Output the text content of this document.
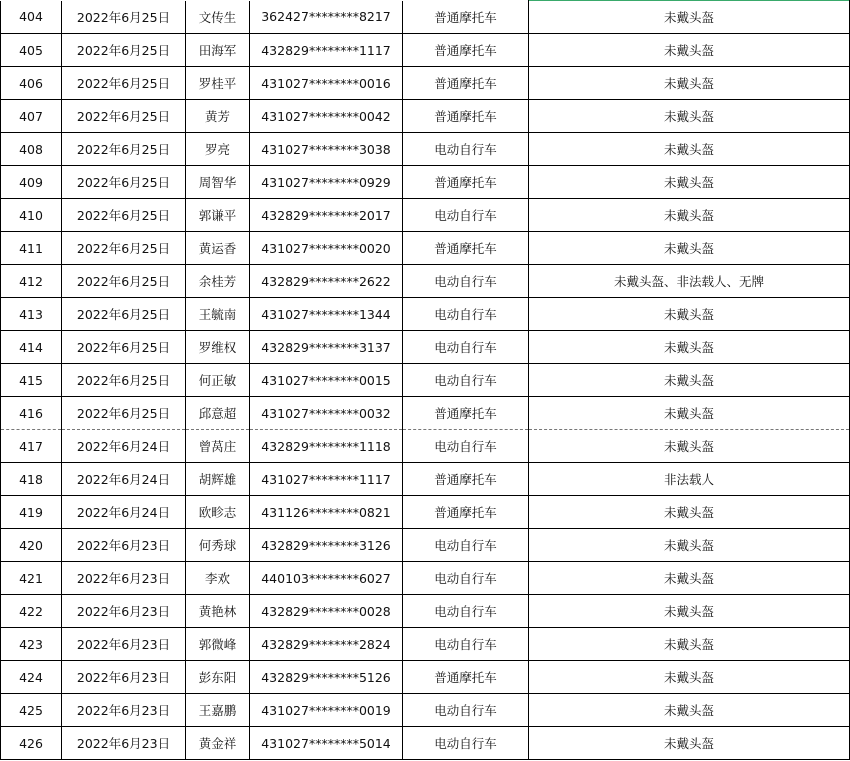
404	2022年6月25日	文传生	362427********8217	普通摩托车	未戴头盔
405	2022年6月25日	田海军	432829********1117	普通摩托车	未戴头盔
406	2022年6月25日	罗桂平	431027********0016	普通摩托车	未戴头盔
407	2022年6月25日	黄芳	431027********0042	普通摩托车	未戴头盔
408	2022年6月25日	罗亮	431027********3038	电动自行车	未戴头盔
409	2022年6月25日	周智华	431027********0929	普通摩托车	未戴头盔
410	2022年6月25日	郭谦平	432829********2017	电动自行车	未戴头盔
411	2022年6月25日	黄运香	431027********0020	普通摩托车	未戴头盔
412	2022年6月25日	余桂芳	432829********2622	电动自行车	未戴头盔、非法载人、无牌
413	2022年6月25日	王毓南	431027********1344	电动自行车	未戴头盔
414	2022年6月25日	罗维权	432829********3137	电动自行车	未戴头盔
415	2022年6月25日	何正敏	431027********0015	电动自行车	未戴头盔
416	2022年6月25日	邱意超	431027********0032	普通摩托车	未戴头盔
417	2022年6月24日	曾莴庄	432829********1118	电动自行车	未戴头盔
418	2022年6月24日	胡辉雄	431027********1117	普通摩托车	非法载人
419	2022年6月24日	欧畛志	431126********0821	普通摩托车	未戴头盔
420	2022年6月23日	何秀球	432829********3126	电动自行车	未戴头盔
421	2022年6月23日	李欢	440103********6027	电动自行车	未戴头盔
422	2022年6月23日	黄艳林	432829********0028	电动自行车	未戴头盔
423	2022年6月23日	郭微峰	432829********2824	电动自行车	未戴头盔
424	2022年6月23日	彭东阳	432829********5126	普通摩托车	未戴头盔
425	2022年6月23日	王嘉鹏	431027********0019	电动自行车	未戴头盔
426	2022年6月23日	黄金祥	431027********5014	电动自行车	未戴头盔
